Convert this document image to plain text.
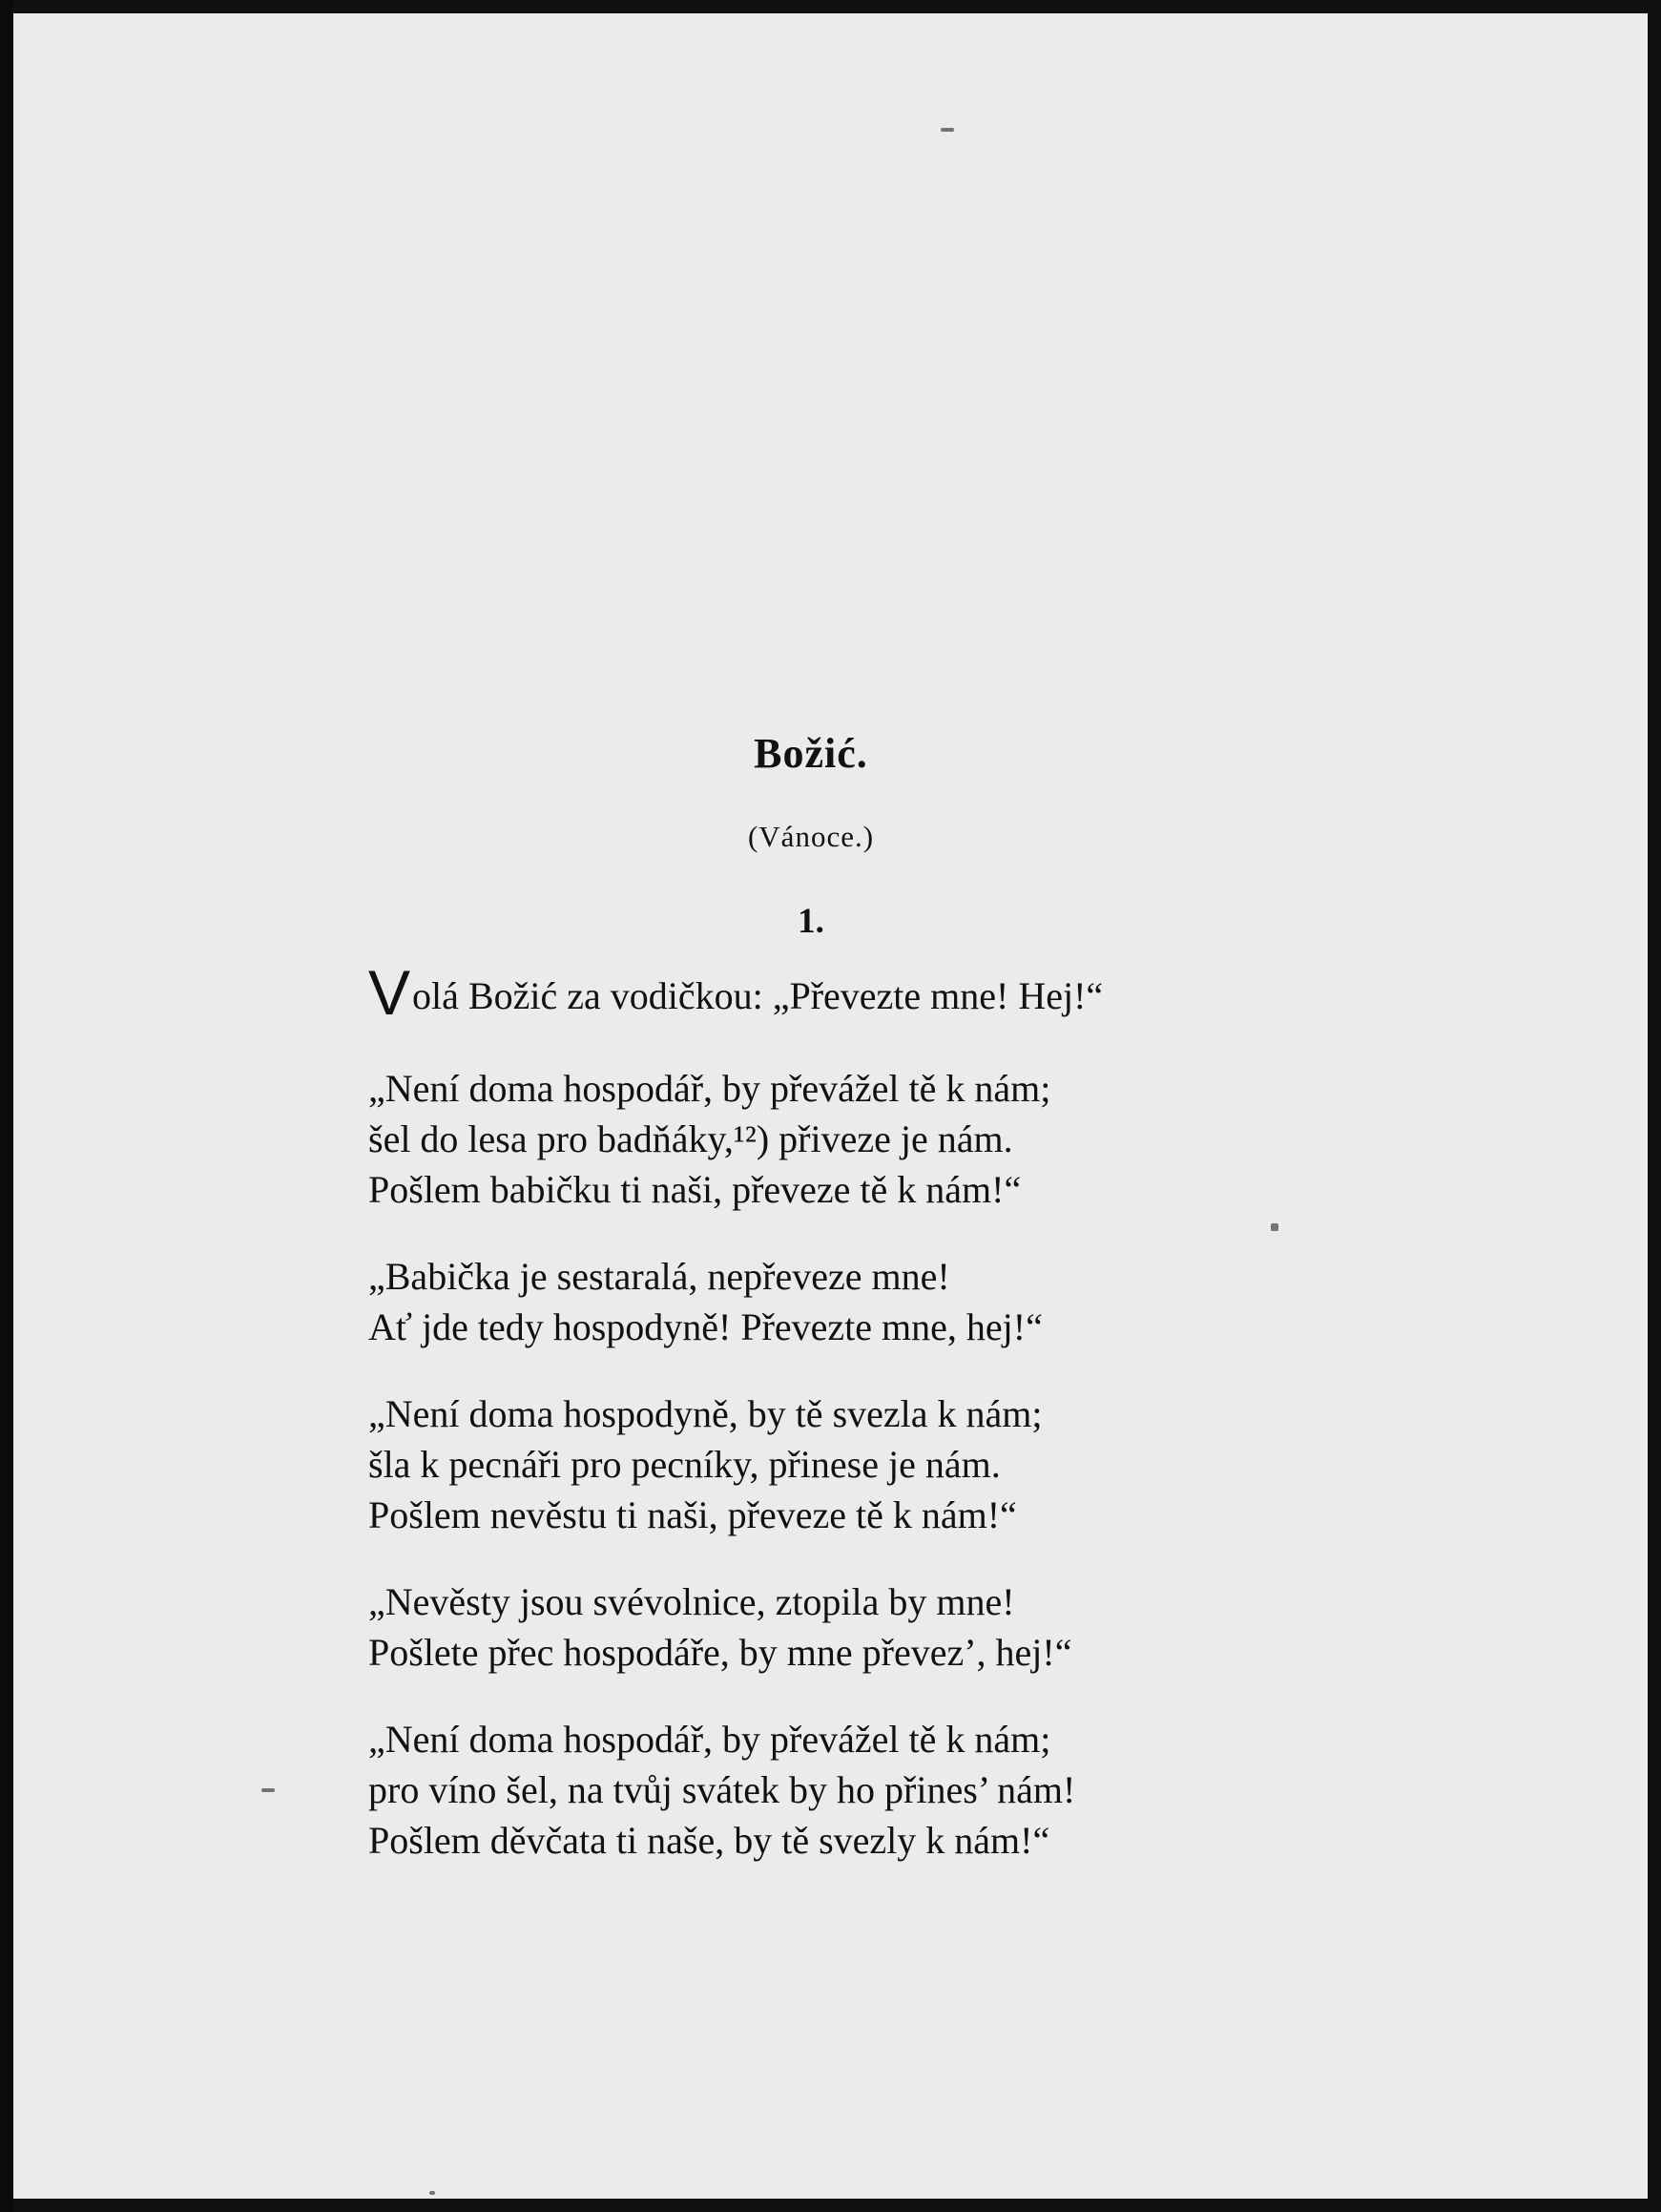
Božić.
(Vánoce.)
1.
Volá Božić za vodičkou: „Převezte mne! Hej!“
„Není doma hospodář, by převážel tě k nám;
šel do lesa pro badňáky,¹²) přiveze je nám.
Pošlem babičku ti naši, převeze tě k nám!“
„Babička je sestaralá, nepřeveze mne!
Ať jde tedy hospodyně! Převezte mne, hej!“
„Není doma hospodyně, by tě svezla k nám;
šla k pecnáři pro pecníky, přinese je nám.
Pošlem nevěstu ti naši, převeze tě k nám!“
„Nevěsty jsou svévolnice, ztopila by mne!
Pošlete přec hospodáře, by mne převez’, hej!“
„Není doma hospodář, by převážel tě k nám;
pro víno šel, na tvůj svátek by ho přines’ nám!
Pošlem děvčata ti naše, by tě svezly k nám!“
